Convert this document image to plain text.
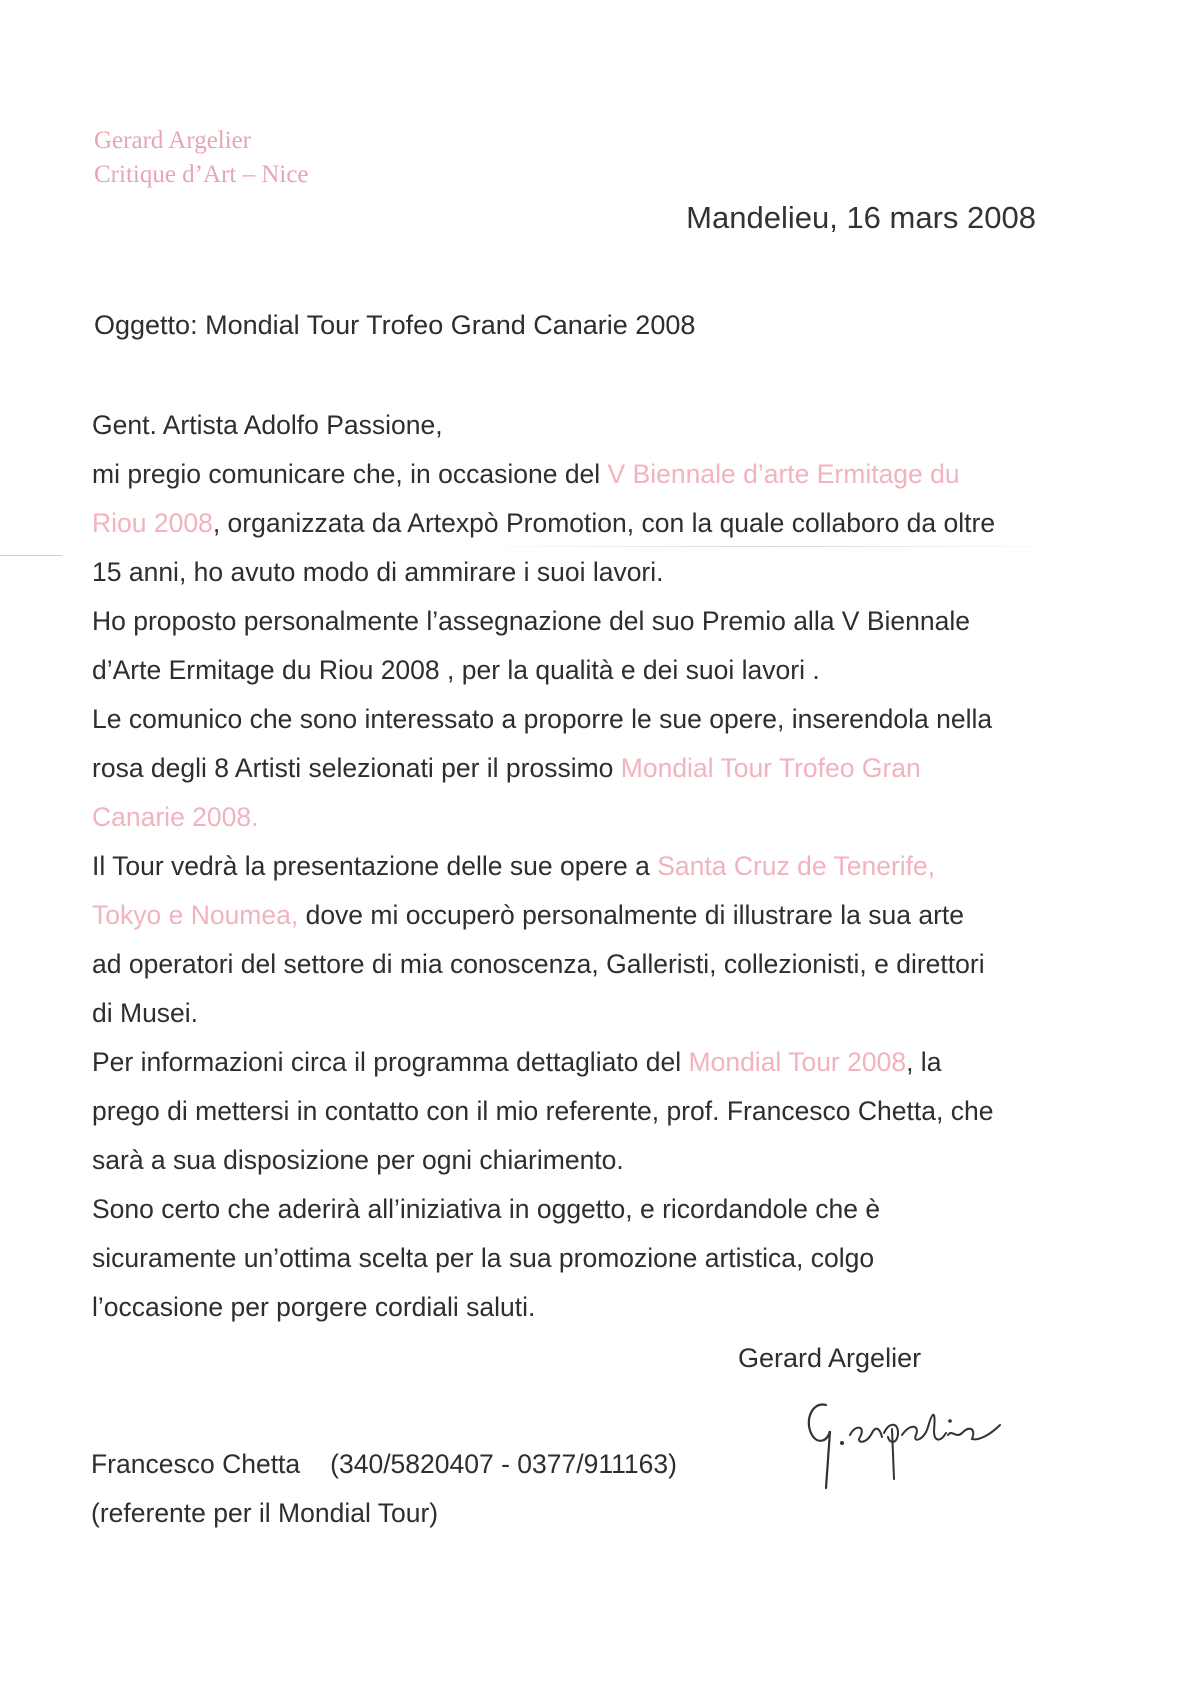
Gerard Argelier
Critique d’Art – Nice
Mandelieu, 16 mars 2008
Oggetto: Mondial Tour Trofeo Grand Canarie 2008
Gent. Artista Adolfo Passione,
mi pregio comunicare che, in occasione del V Biennale d’arte Ermitage du
Riou 2008, organizzata da Artexpò Promotion, con la quale collaboro da oltre
15 anni, ho avuto modo di ammirare i suoi lavori.
Ho proposto personalmente l’assegnazione del suo Premio alla V Biennale
d’Arte Ermitage du Riou 2008 , per la qualità e dei suoi lavori .
Le comunico che sono interessato a proporre le sue opere, inserendola nella
rosa degli 8 Artisti selezionati per il prossimo Mondial Tour Trofeo Gran
Canarie 2008.
Il Tour vedrà la presentazione delle sue opere a Santa Cruz de Tenerife,
Tokyo e Noumea, dove mi occuperò personalmente di illustrare la sua arte
ad operatori del settore di mia conoscenza, Galleristi, collezionisti, e direttori
di Musei.
Per informazioni circa il programma dettagliato del Mondial Tour 2008, la
prego di mettersi in contatto con il mio referente, prof. Francesco Chetta, che
sarà a sua disposizione per ogni chiarimento.
Sono certo che aderirà all’iniziativa in oggetto, e ricordandole che è
sicuramente un’ottima scelta per la sua promozione artistica, colgo
l’occasione per porgere cordiali saluti.
Gerard Argelier
Francesco Chetta (340/5820407 - 0377/911163)
(referente per il Mondial Tour)
